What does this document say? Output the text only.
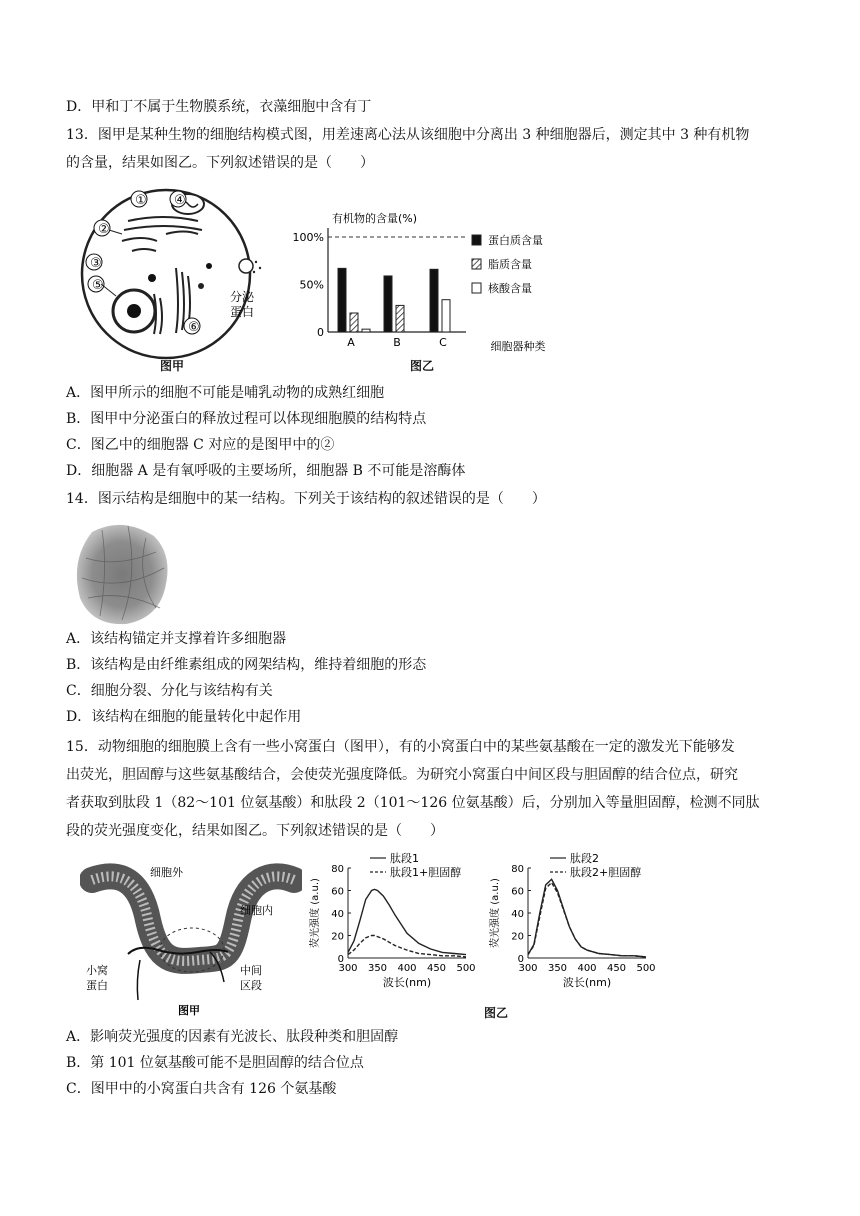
D．甲和丁不属于生物膜系统，衣藻细胞中含有丁
13．图甲是某种生物的细胞结构模式图，用差速离心法从该细胞中分离出 3 种细胞器后，测定其中 3 种有机物
的含量，结果如图乙。下列叙述错误的是（　　）
① ④
②
③
⑤
⑥
分泌
蛋白
图甲
有机物的含量(%)
0
50%
100%
A	B	C	细胞器种类
蛋白质含量
脂质含量
核酸含量
图乙
A．图甲所示的细胞不可能是哺乳动物的成熟红细胞
B．图甲中分泌蛋白的释放过程可以体现细胞膜的结构特点
C．图乙中的细胞器 C 对应的是图甲中的②
D．细胞器 A 是有氧呼吸的主要场所，细胞器 B 不可能是溶酶体
14．图示结构是细胞中的某一结构。下列关于该结构的叙述错误的是（　　）
A．该结构锚定并支撑着许多细胞器
B．该结构是由纤维素组成的网架结构，维持着细胞的形态
C．细胞分裂、分化与该结构有关
D．该结构在细胞的能量转化中起作用
15．动物细胞的细胞膜上含有一些小窝蛋白（图甲），有的小窝蛋白中的某些氨基酸在一定的激发光下能够发
出荧光，胆固醇与这些氨基酸结合，会使荧光强度降低。为研究小窝蛋白中间区段与胆固醇的结合位点，研究
者获取到肽段 1（82～101 位氨基酸）和肽段 2（101～126 位氨基酸）后，分别加入等量胆固醇，检测不同肽
段的荧光强度变化，结果如图乙。下列叙述错误的是（　　）
细胞外
细胞内
小窝
蛋白
中间
区段
图甲
0
20
40
60
80
300 350 400 450 500
波长(nm)
荧光强度 (a.u.)
肽段1
肽段1+胆固醇
0
20
40
60
80
300 350 400 450 500
波长(nm)
荧光强度 (a.u.)
肽段2
肽段2+胆固醇
图乙
A．影响荧光强度的因素有光波长、肽段种类和胆固醇
B．第 101 位氨基酸可能不是胆固醇的结合位点
C．图甲中的小窝蛋白共含有 126 个氨基酸
